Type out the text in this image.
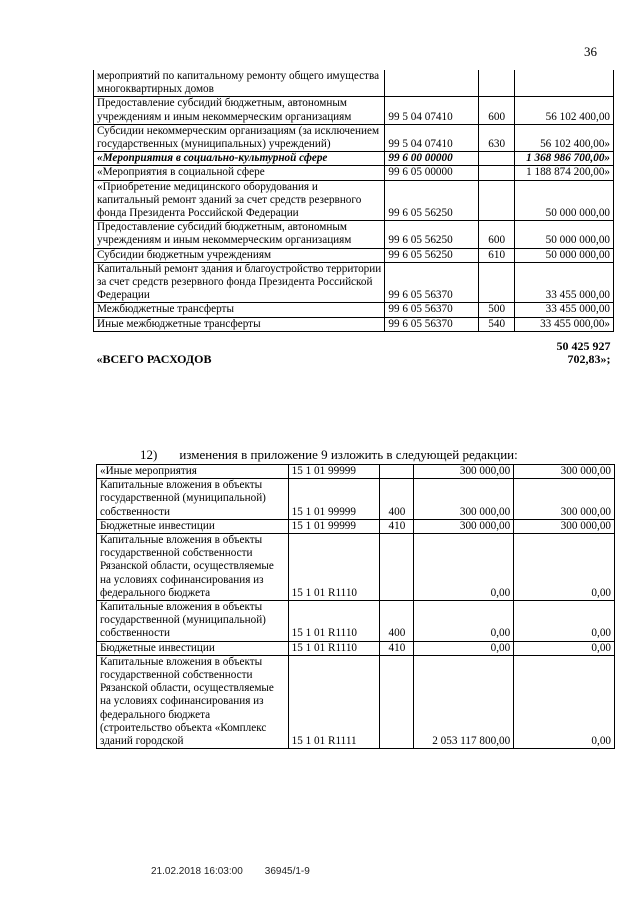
36
мероприятий по капитальному ремонту общего имущества многоквартирных домов			
Предоставление субсидий бюджетным, автономным учреждениям и иным некоммерческим организациям	99 5 04 07410	600	56 102 400,00
Субсидии некоммерческим организациям (за исключением государственных (муниципальных) учреждений)	99 5 04 07410	630	56 102 400,00»
«Мероприятия в социально-культурной сфере	99 6 00 00000		1 368 986 700,00»
«Мероприятия в социальной сфере	99 6 05 00000		1 188 874 200,00»
«Приобретение медицинского оборудования и капитальный ремонт зданий за счет средств резервного фонда Президента Российской Федерации	99 6 05 56250		50 000 000,00
Предоставление субсидий бюджетным, автономным учреждениям и иным некоммерческим организациям	99 6 05 56250	600	50 000 000,00
Субсидии бюджетным учреждениям	99 6 05 56250	610	50 000 000,00
Капитальный ремонт здания и благоустройство территории за счет средств резервного фонда Президента Российской Федерации	99 6 05 56370		33 455 000,00
Межбюджетные трансферты	99 6 05 56370	500	33 455 000,00
Иные межбюджетные трансферты	99 6 05 56370	540	33 455 000,00»
«ВСЕГО РАСХОДОВ			50 425 927 702,83»;
12) изменения в приложение 9 изложить в следующей редакции:
«Иные мероприятия	15 1 01 99999		300 000,00	300 000,00
Капитальные вложения в объекты государственной (муниципальной) собственности	15 1 01 99999	400	300 000,00	300 000,00
Бюджетные инвестиции	15 1 01 99999	410	300 000,00	300 000,00
Капитальные вложения в объекты государственной собственности Рязанской области, осуществляемые на условиях софинансирования из федерального бюджета	15 1 01 R1110		0,00	0,00
Капитальные вложения в объекты государственной (муниципальной) собственности	15 1 01 R1110	400	0,00	0,00
Бюджетные инвестиции	15 1 01 R1110	410	0,00	0,00
Капитальные вложения в объекты государственной собственности Рязанской области, осуществляемые на условиях софинансирования из федерального бюджета (строительство объекта «Комплекс зданий городской	15 1 01 R1111		2 053 117 800,00	0,00
21.02.2018 16:03:00 36945/1-9
